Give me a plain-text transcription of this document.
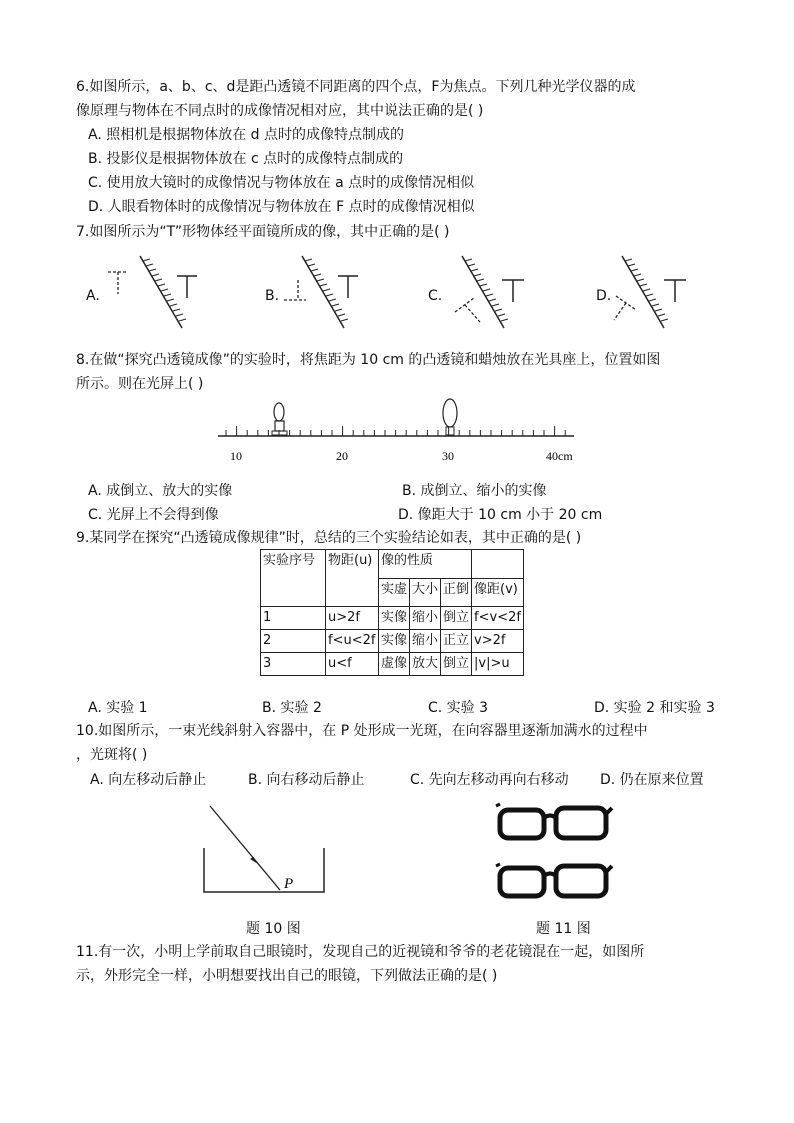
6.如图所示，a、b、c、d是距凸透镜不同距离的四个点，F为焦点。下列几种光学仪器的成
像原理与物体在不同点时的成像情况相对应，其中说法正确的是( )
A. 照相机是根据物体放在 d 点时的成像特点制成的
B. 投影仪是根据物体放在 c 点时的成像特点制成的
C. 使用放大镜时的成像情况与物体放在 a 点时的成像情况相似
D. 人眼看物体时的成像情况与物体放在 F 点时的成像情况相似
7.如图所示为“T”形物体经平面镜所成的像，其中正确的是( )
A.	B.	C.	D.
8.在做“探究凸透镜成像”的实验时，将焦距为 10 cm 的凸透镜和蜡烛放在光具座上，位置如图
所示。则在光屏上( )
10	20	30	40cm
A. 成倒立、放大的实像	B. 成倒立、缩小的实像
C. 光屏上不会得到像	D. 像距大于 10 cm 小于 20 cm
9.某同学在探究“凸透镜成像规律”时，总结的三个实验结论如表，其中正确的是( )
实验序号	物距(u)	像的性质			
		实虚	大小	正倒	像距(v)
1	u>2f	实像	缩小	倒立	f<v<2f
2	f<u<2f	实像	缩小	正立	v>2f
3	u<f	虚像	放大	倒立	|v|>u
A. 实验 1	B. 实验 2	C. 实验 3	D. 实验 2 和实验 3
10.如图所示，一束光线斜射入容器中，在 P 处形成一光斑，在向容器里逐渐加满水的过程中
，光斑将( )
A. 向左移动后静止	B. 向右移动后静止	C. 先向左移动再向右移动 D. 仍在原来位置
P
题 10 图	题 11 图
11.有一次，小明上学前取自己眼镜时，发现自己的近视镜和爷爷的老花镜混在一起，如图所
示，外形完全一样，小明想要找出自己的眼镜，下列做法正确的是( )
